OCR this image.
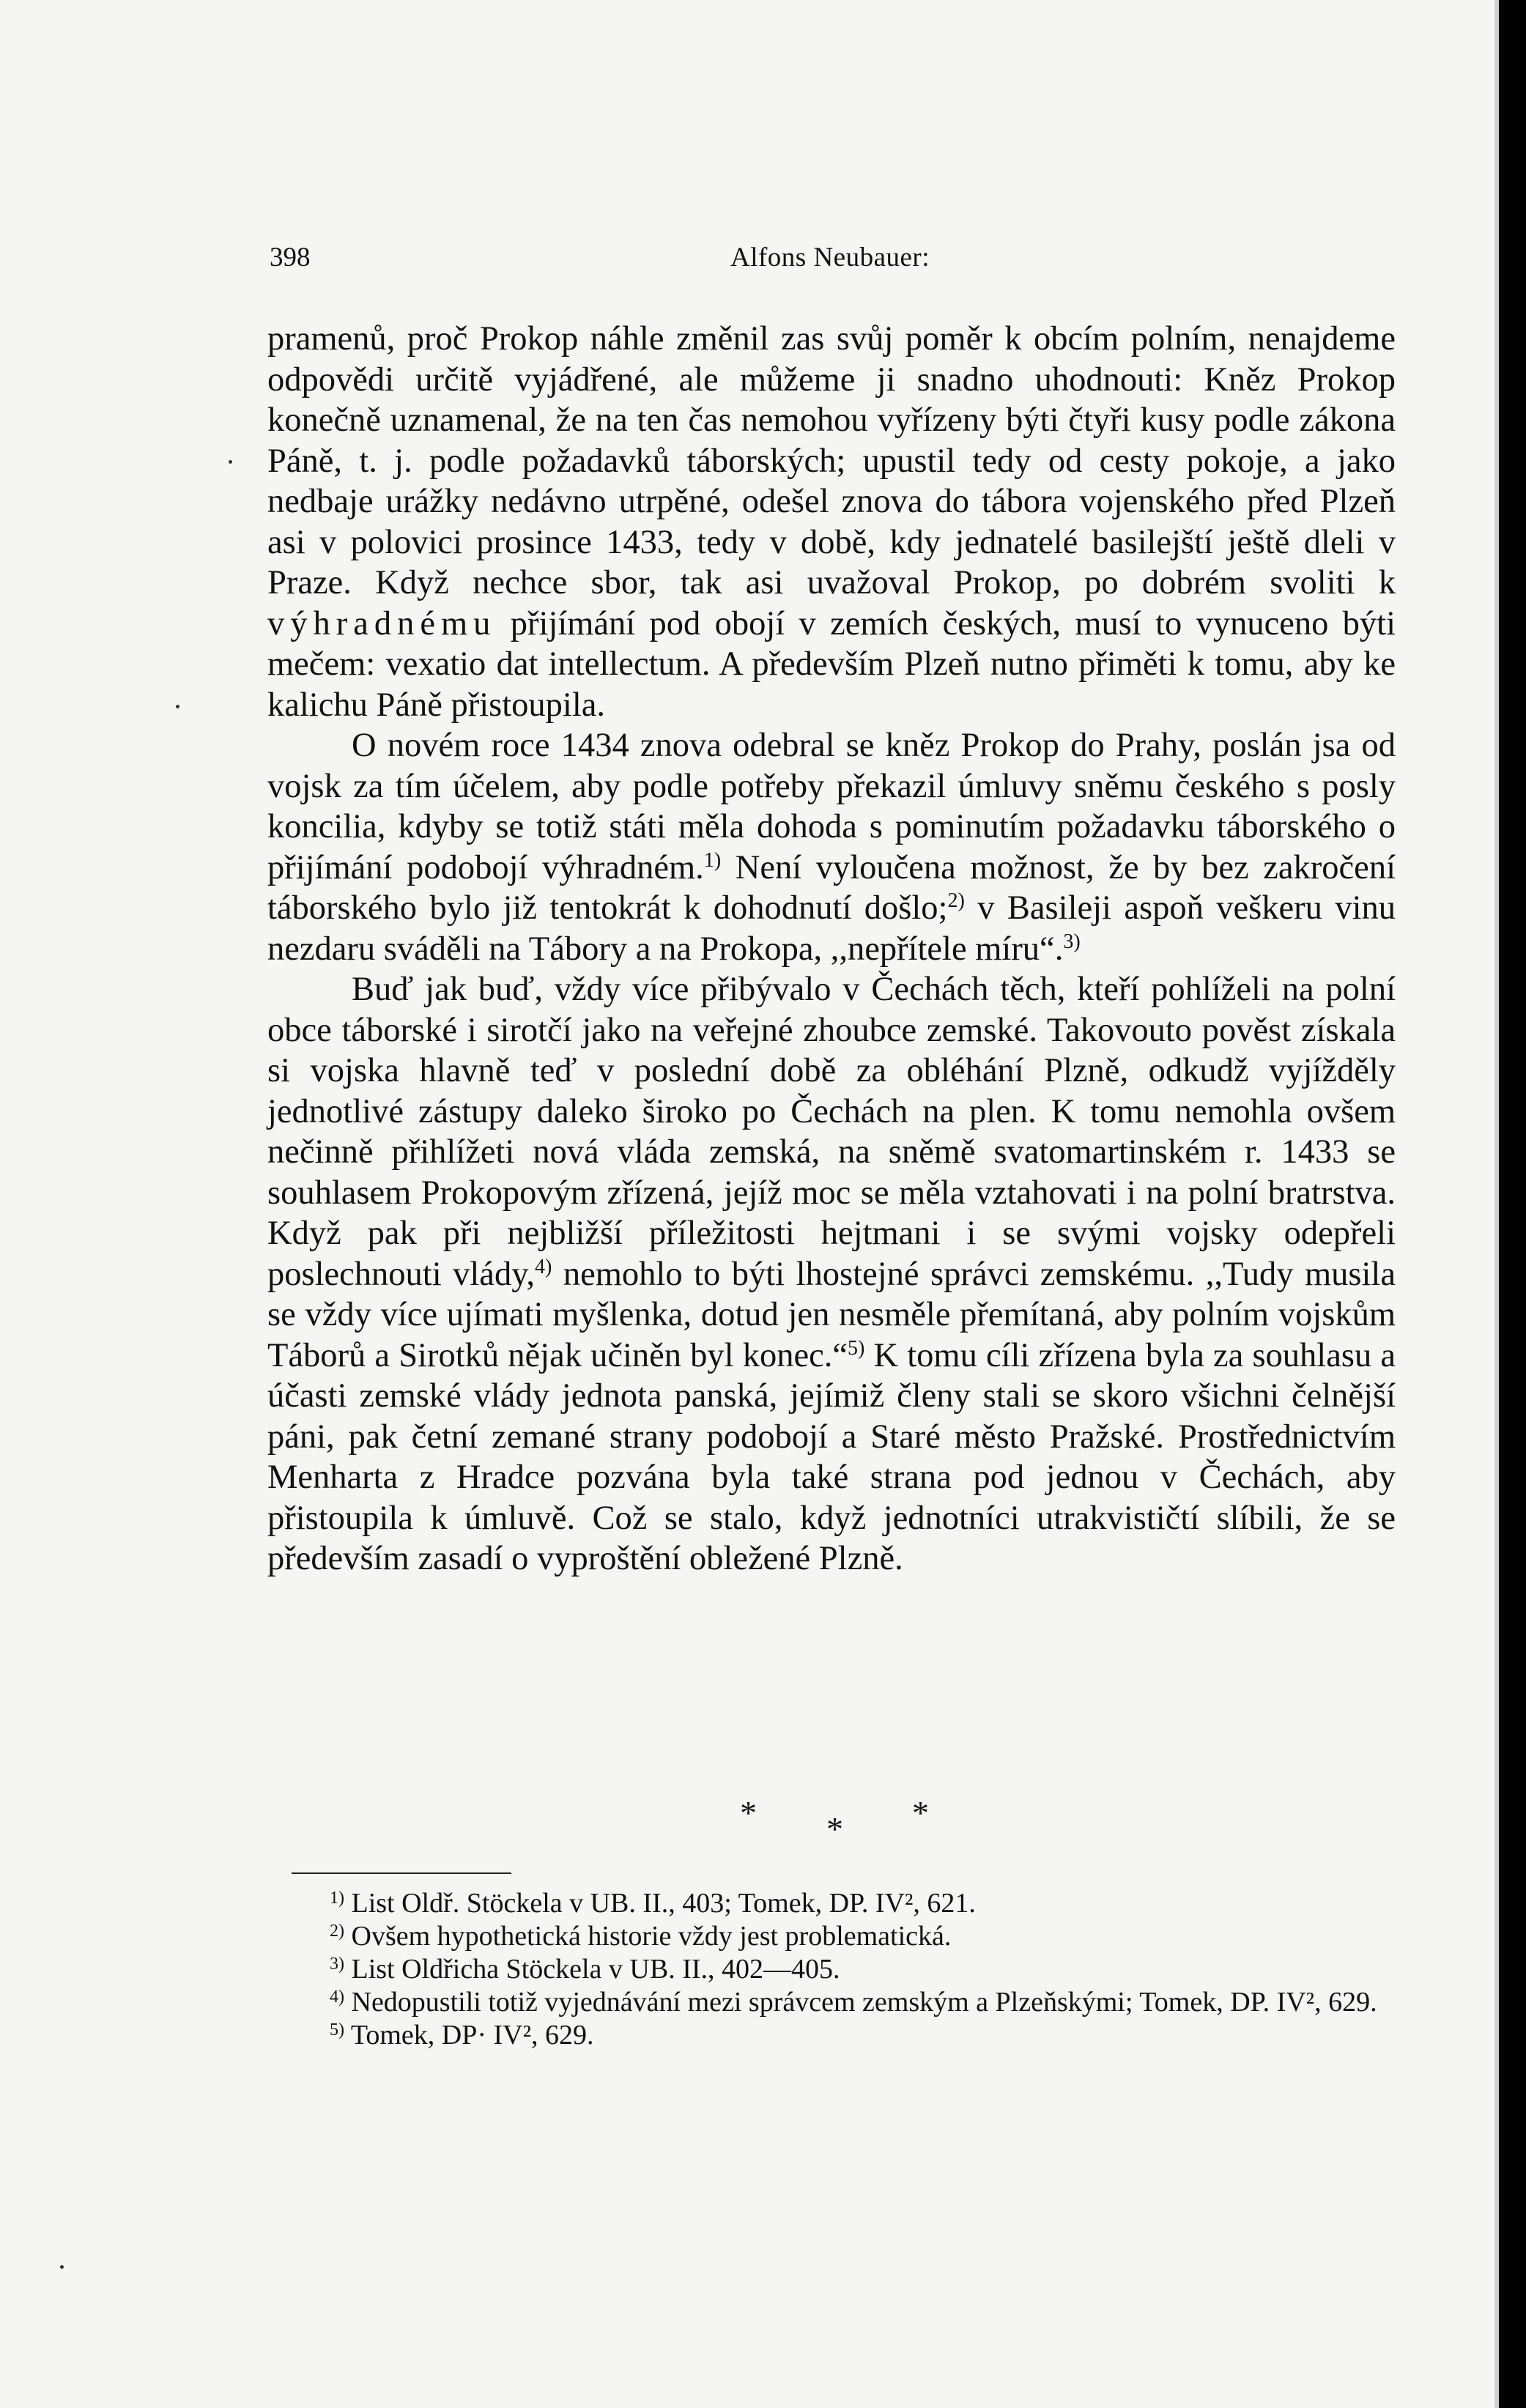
398	Alfons Neubauer:

pramenů, proč Prokop náhle změnil zas svůj poměr k obcím polním, nenajdeme odpovědi určitě vyjádřené, ale můžeme ji snadno uhodnouti: Kněz Prokop konečně uznamenal, že na ten čas nemohou vyřízeny býti čtyři kusy podle zákona Páně, t. j. podle požadavků táborských; upustil tedy od cesty pokoje, a jako nedbaje urážky nedávno utrpěné, odešel znova do tábora vojenského před Plzeň asi v polovici prosince 1433, tedy v době, kdy jednatelé basilejští ještě dleli v Praze. Když nechce sbor, tak asi uvažoval Prokop, po dobrém svoliti k výhradnému přijímání pod obojí v zemích českých, musí to vynuceno býti mečem: vexatio dat intellectum. A především Plzeň nutno přiměti k tomu, aby ke kalichu Páně přistoupila.

O novém roce 1434 znova odebral se kněz Prokop do Prahy, poslán jsa od vojsk za tím účelem, aby podle potřeby překazil úmluvy sněmu českého s posly koncilia, kdyby se totiž státi měla dohoda s pominutím požadavku táborského o přijímání podobojí výhradném.$^{1)}$ Není vyloučena možnost, že by bez zakročení táborského bylo již tentokrát k dohodnutí došlo;$^{2)}$ v Basileji aspoň veškeru vinu nezdaru sváděli na Tábory a na Prokopa, ,,nepřítele míru“.$^{3)}$

Buď jak buď, vždy více přibývalo v Čechách těch, kteří pohlíželi na polní obce táborské i sirotčí jako na veřejné zhoubce zemské. Takovouto pověst získala si vojska hlavně teď v poslední době za obléhání Plzně, odkudž vyjížděly jednotlivé zástupy daleko široko po Čechách na plen. K tomu nemohla ovšem nečinně přihlížeti nová vláda zemská, na sněmě svatomartinském r. 1433 se souhlasem Prokopovým zřízená, jejíž moc se měla vztahovati i na polní bratrstva. Když pak při nejbližší příležitosti hejtmani i se svými vojsky odepřeli poslechnouti vlády,$^{4)}$ nemohlo to býti lhostejné správci zemskému. ,,Tudy musila se vždy více ujímati myšlenka, dotud jen nesměle přemítaná, aby polním vojskům Táborů a Sirotků nějak učiněn byl konec.“$^{5)}$ K tomu cíli zřízena byla za souhlasu a účasti zemské vlády jednota panská, jejímiž členy stali se skoro všichni čelnější páni, pak četní zemané strany podobojí a Staré město Pražské. Prostřednictvím Menharta z Hradce pozvána byla také strana pod jednou v Čechách, aby přistoupila k úmluvě. Což se stalo, když jednotníci utrakvističtí slíbili, že se především zasadí o vyproštění obležené Plzně.

* * *

$^{1)}$ List Oldř. Stöckela v UB. II., 403; Tomek, DP. IV², 621.

$^{2)}$ Ovšem hypothetická historie vždy jest problematická.

$^{3)}$ List Oldřicha Stöckela v UB. II., 402—405.

$^{4)}$ Nedopustili totiž vyjednávání mezi správcem zemským a Plzeňskými; Tomek, DP. IV², 629.

$^{5)}$ Tomek, DP· IV², 629.
